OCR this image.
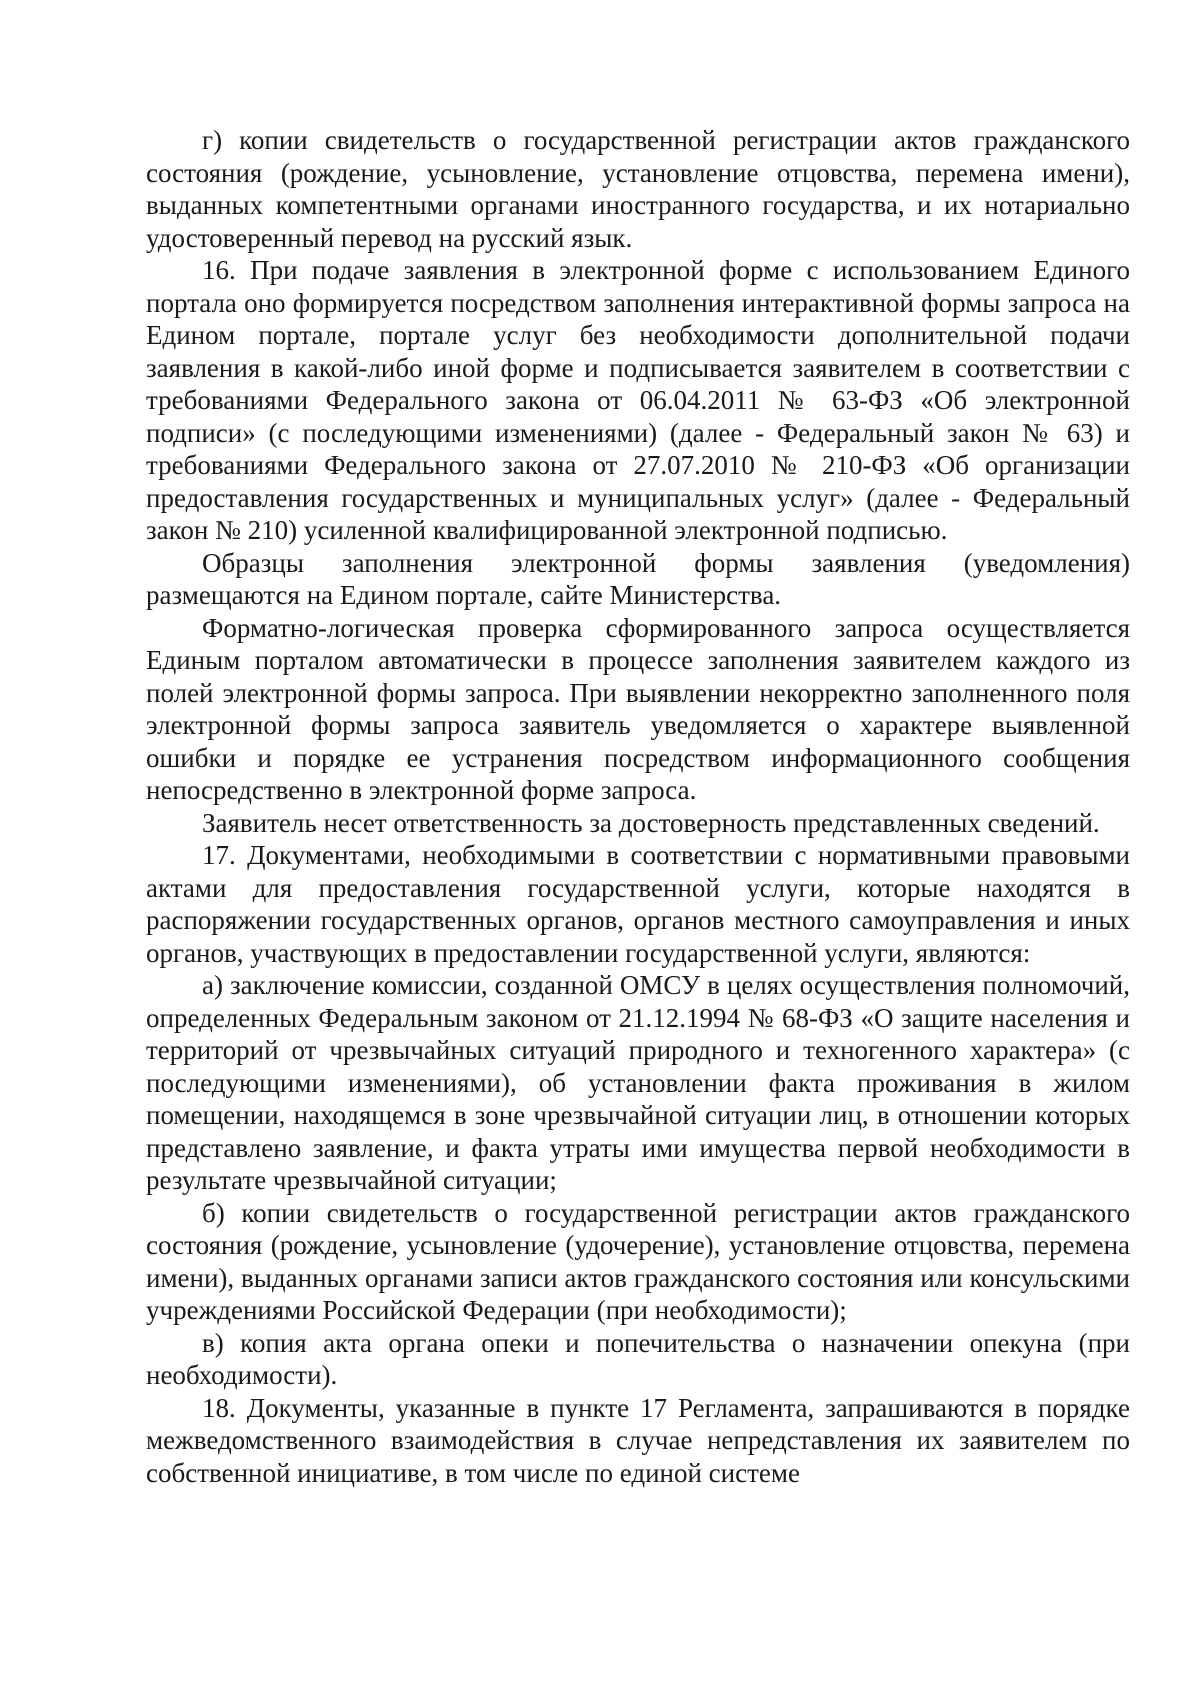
г) копии свидетельств о государственной регистрации актов гражданского состояния (рождение, усыновление, установление отцовства, перемена имени), выданных компетентными органами иностранного государства, и их нотариально удостоверенный перевод на русский язык.

16. При подаче заявления в электронной форме с использованием Единого портала оно формируется посредством заполнения интерактивной формы запроса на Едином портале, портале услуг без необходимости дополнительной подачи заявления в какой-либо иной форме и подписывается заявителем в соответствии с требованиями Федерального закона от 06.04.2011 № 63-ФЗ «Об электронной подписи» (с последующими изменениями) (далее - Федеральный закон № 63) и требованиями Федерального закона от 27.07.2010 № 210-ФЗ «Об организации предоставления государственных и муниципальных услуг» (далее - Федеральный закон № 210) усиленной квалифицированной электронной подписью.

Образцы заполнения электронной формы заявления (уведомления) размещаются на Едином портале, сайте Министерства.

Форматно-логическая проверка сформированного запроса осуществляется Единым порталом автоматически в процессе заполнения заявителем каждого из полей электронной формы запроса. При выявлении некорректно заполненного поля электронной формы запроса заявитель уведомляется о характере выявленной ошибки и порядке ее устранения посредством информационного сообщения непосредственно в электронной форме запроса.

Заявитель несет ответственность за достоверность представленных сведений.

17. Документами, необходимыми в соответствии с нормативными правовыми актами для предоставления государственной услуги, которые находятся в распоряжении государственных органов, органов местного самоуправления и иных органов, участвующих в предоставлении государственной услуги, являются:

а) заключение комиссии, созданной ОМСУ в целях осуществления полномочий, определенных Федеральным законом от 21.12.1994 № 68-ФЗ «О защите населения и территорий от чрезвычайных ситуаций природного и техногенного характера» (с последующими изменениями), об установлении факта проживания в жилом помещении, находящемся в зоне чрезвычайной ситуации лиц, в отношении которых представлено заявление, и факта утраты ими имущества первой необходимости в результате чрезвычайной ситуации;

б) копии свидетельств о государственной регистрации актов гражданского состояния (рождение, усыновление (удочерение), установление отцовства, перемена имени), выданных органами записи актов гражданского состояния или консульскими учреждениями Российской Федерации (при необходимости);

в) копия акта органа опеки и попечительства о назначении опекуна (при необходимости).

18. Документы, указанные в пункте 17 Регламента, запрашиваются в порядке межведомственного взаимодействия в случае непредставления их заявителем по собственной инициативе, в том числе по единой системе
